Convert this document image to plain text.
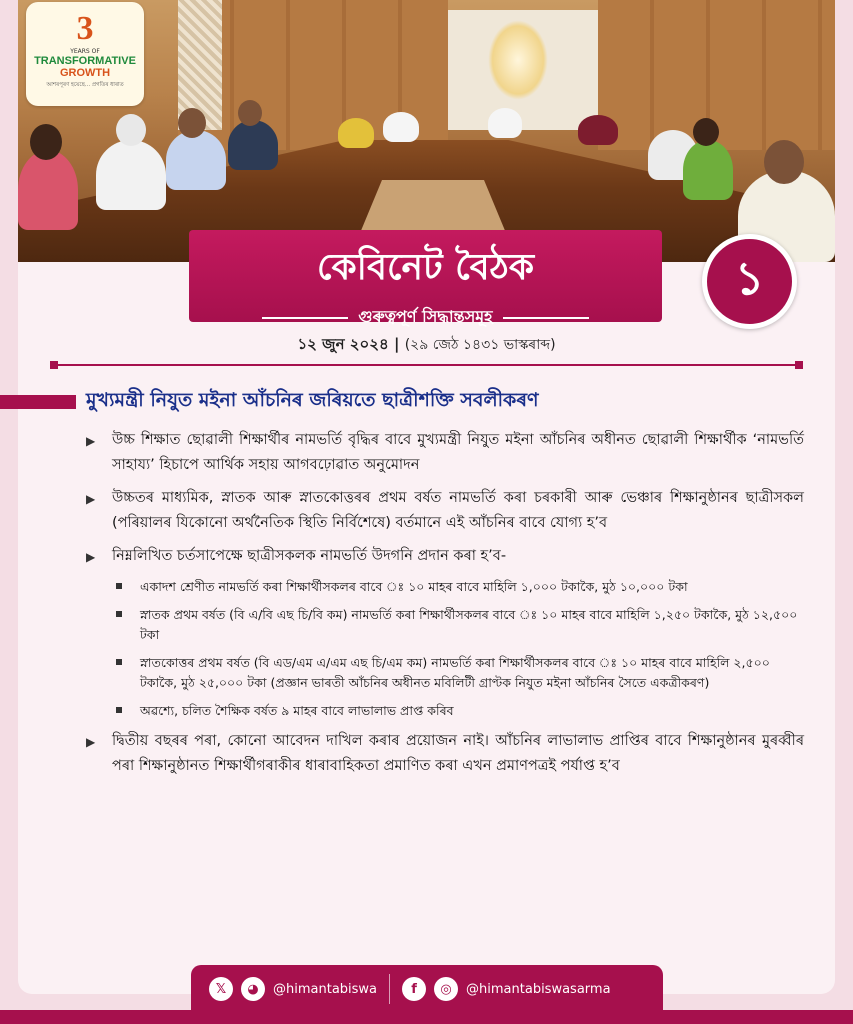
3
YEARS OF
TRANSFORMATIVE
GROWTH
আশৰপূৰণ হয়েছে... প্ৰগতিৰ ধাৰাত
কেবিনেট বৈঠক
গুৰুত্বপূৰ্ণ সিদ্ধান্তসমূহ
১
১২ জুন ২০২৪ | (২৯ জেঠ ১৪৩১ ভাস্কৰাব্দ)
মুখ্যমন্ত্ৰী নিযুত মইনা আঁচনিৰ জৰিয়তে ছাত্ৰীশক্তি সবলীকৰণ
▶ উচ্চ শিক্ষাত ছোৱালী শিক্ষাৰ্থীৰ নামভৰ্তি বৃদ্ধিৰ বাবে মুখ্যমন্ত্ৰী নিযুত মইনা আঁচনিৰ অধীনত ছোৱালী শিক্ষাৰ্থীক ‘নামভৰ্তি সাহায্য’ হিচাপে আৰ্থিক সহায় আগবঢ়োৱাত অনুমোদন
▶ উচ্চতৰ মাধ্যমিক, স্নাতক আৰু স্নাতকোত্তৰৰ প্ৰথম বৰ্ষত নামভৰ্তি কৰা চৰকাৰী আৰু ভেঞ্চাৰ শিক্ষানুষ্ঠানৰ ছাত্ৰীসকল (পৰিয়ালৰ যিকোনো অৰ্থনৈতিক স্থিতি নিৰ্বিশেষে) বৰ্তমানে এই আঁচনিৰ বাবে যোগ্য হ’ব
▶ নিম্নলিখিত চৰ্তসাপেক্ষে ছাত্ৰীসকলক নামভৰ্তি উদগনি প্ৰদান কৰা হ’ব-
একাদশ শ্ৰেণীত নামভৰ্তি কৰা শিক্ষাৰ্থীসকলৰ বাবে ঃ ১০ মাহৰ বাবে মাহিলি ১,০০০ টকাকৈ, মুঠ ১০,০০০ টকা
স্নাতক প্ৰথম বৰ্ষত (বি এ/বি এছ চি/বি কম) নামভৰ্তি কৰা শিক্ষাৰ্থীসকলৰ বাবে ঃ ১০ মাহৰ বাবে মাহিলি ১,২৫০ টকাকৈ, মুঠ ১২,৫০০ টকা
স্নাতকোত্তৰ প্ৰথম বৰ্ষত (বি এড/এম এ/এম এছ চি/এম কম) নামভৰ্তি কৰা শিক্ষাৰ্থীসকলৰ বাবে ঃ ১০ মাহৰ বাবে মাহিলি ২,৫০০ টকাকৈ, মুঠ ২৫,০০০ টকা (প্ৰজ্ঞান ভাৰতী আঁচনিৰ অধীনত মবিলিটী গ্ৰাণ্টক নিযুত মইনা আঁচনিৰ সৈতে একত্ৰীকৰণ)
অৱশ্যে, চলিত শৈক্ষিক বৰ্ষত ৯ মাহৰ বাবে লাভালাভ প্ৰাপ্ত কৰিব
▶ দ্বিতীয় বছৰৰ পৰা, কোনো আবেদন দাখিল কৰাৰ প্ৰয়োজন নাই। আঁচনিৰ লাভালাভ প্ৰাপ্তিৰ বাবে শিক্ষানুষ্ঠানৰ মুৰব্বীৰ পৰা শিক্ষানুষ্ঠানত শিক্ষাৰ্থীগৰাকীৰ ধাৰাবাহিকতা প্ৰমাণিত কৰা এখন প্ৰমাণপত্ৰই পৰ্যাপ্ত হ’ব
𝕏	◕	@himantabiswa	f	◎	@himantabiswasarma
